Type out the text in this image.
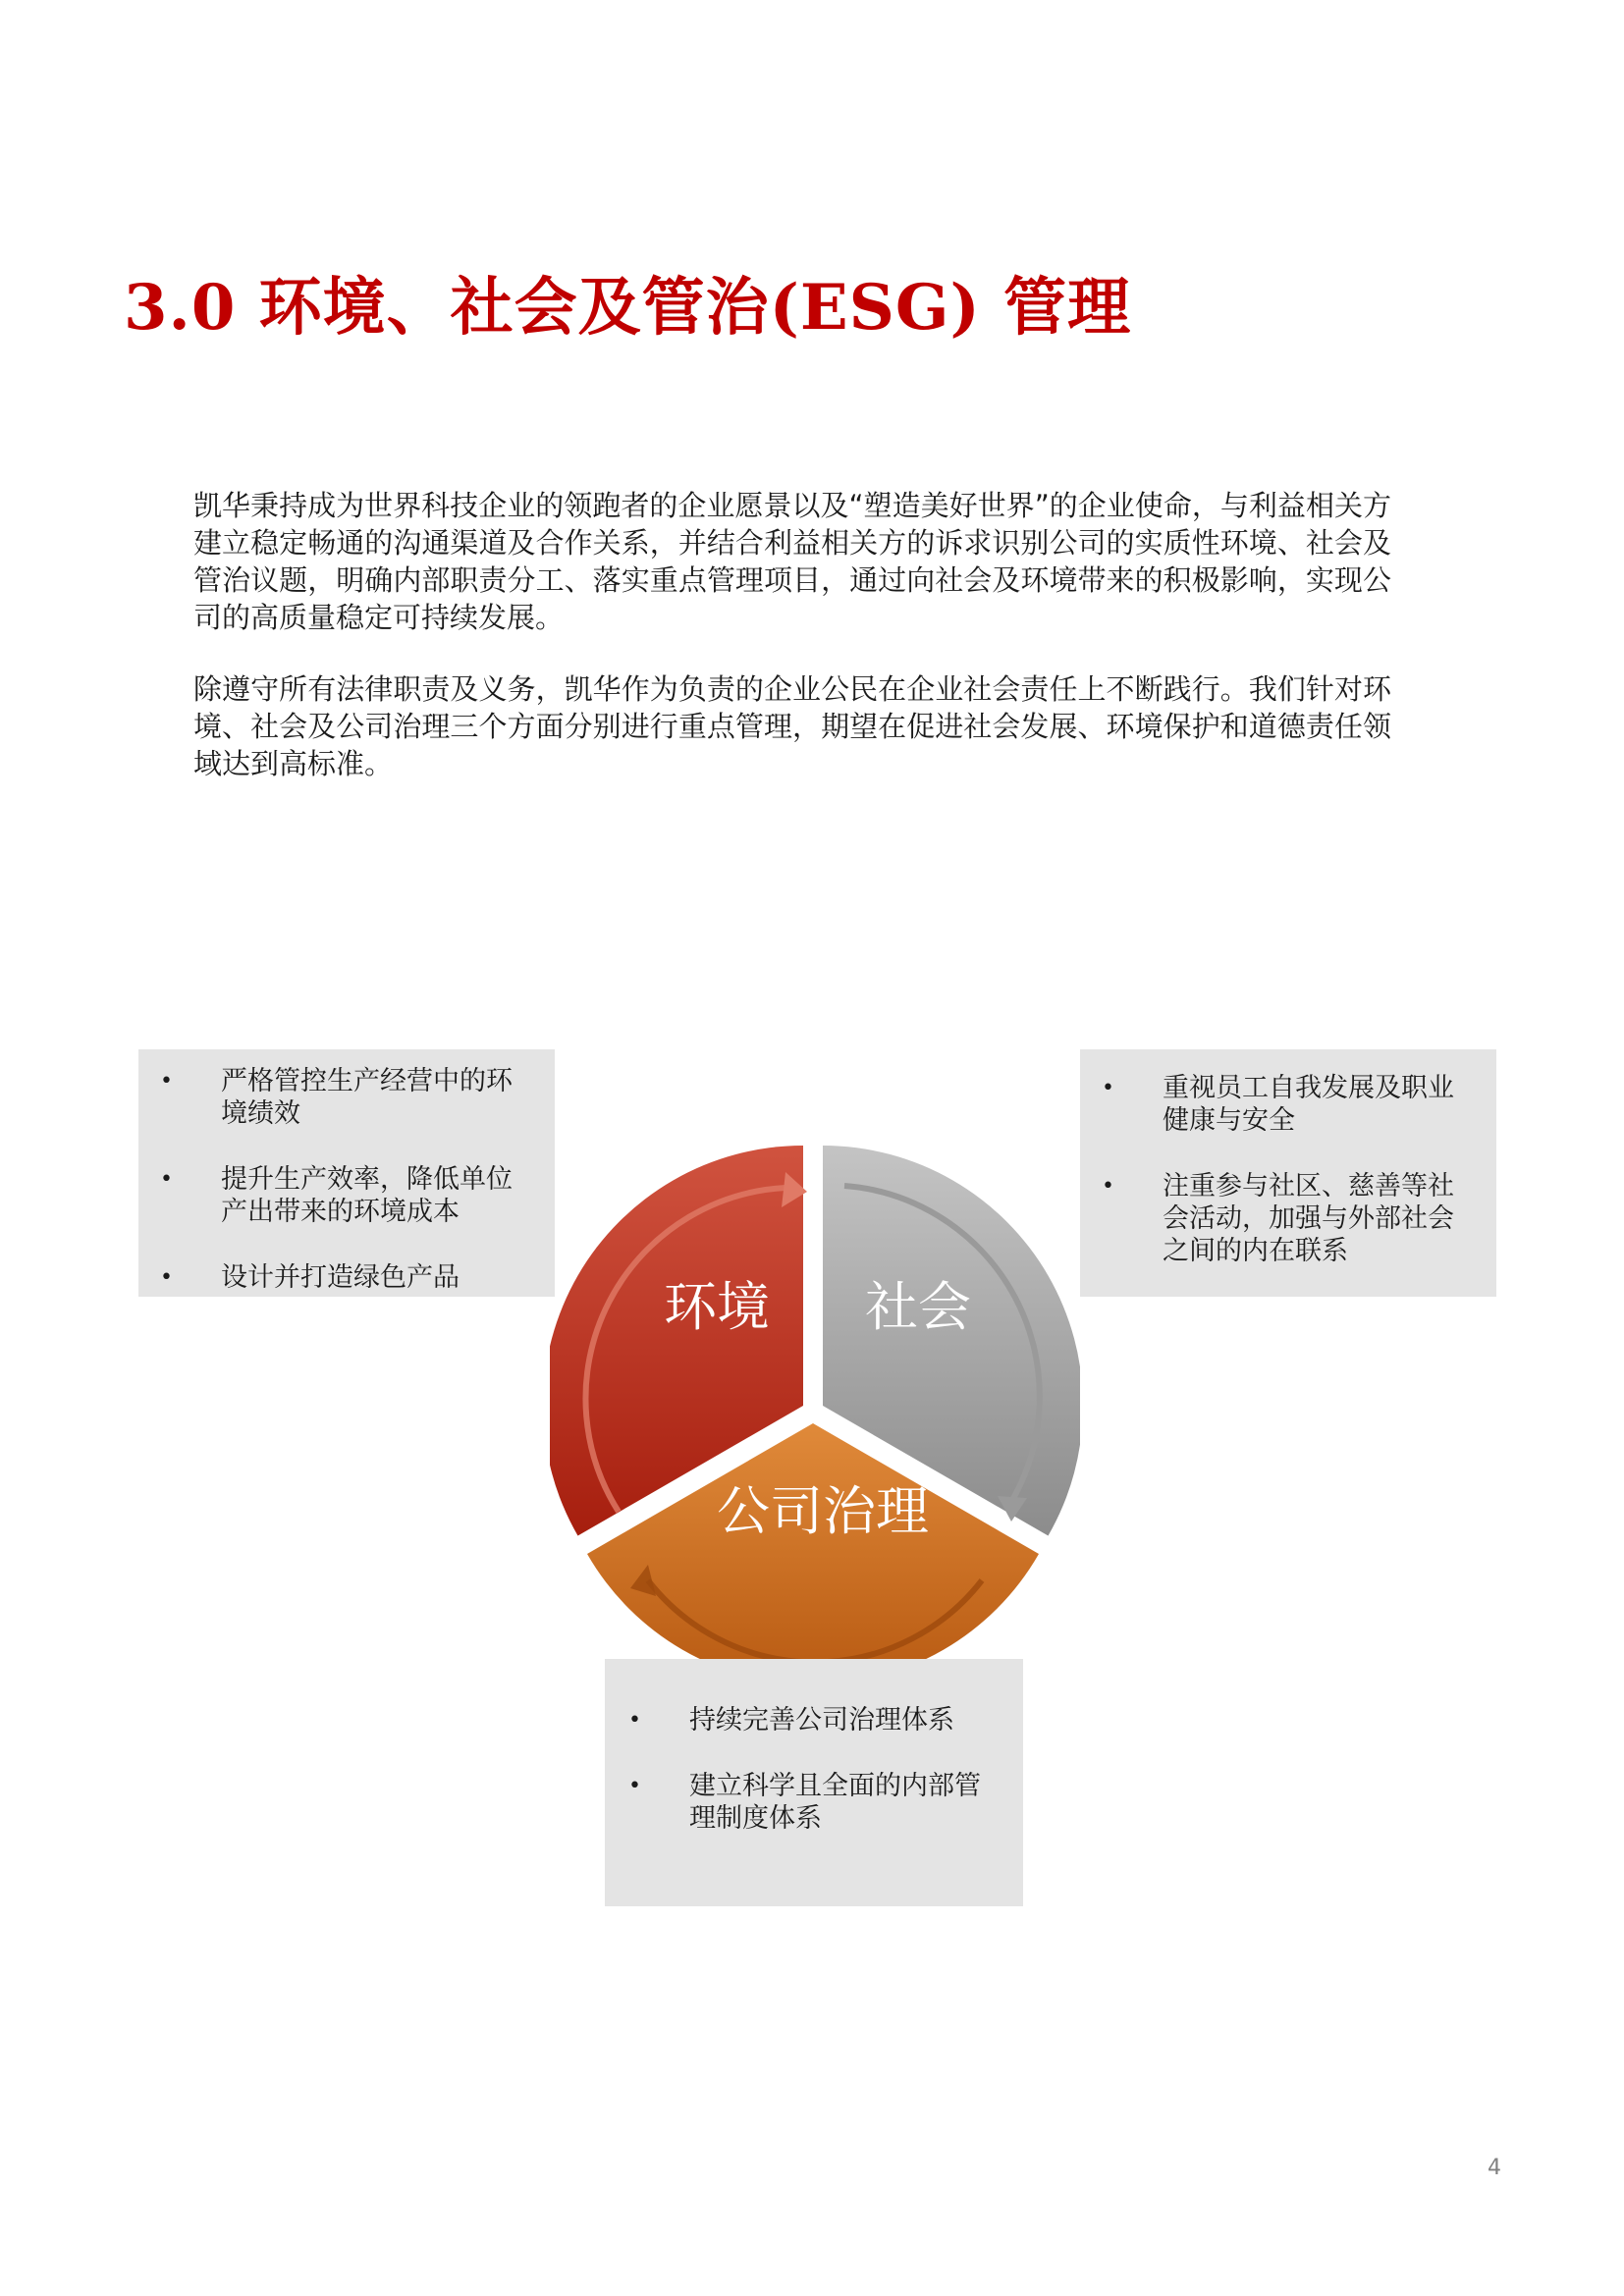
3.0 环境、社会及管治(ESG) 管理

凯华秉持成为世界科技企业的领跑者的企业愿景以及“塑造美好世界”的企业使命，与利益相关方建立稳定畅通的沟通渠道及合作关系，并结合利益相关方的诉求识别公司的实质性环境、社会及管治议题，明确内部职责分工、落实重点管理项目，通过向社会及环境带来的积极影响，实现公司的高质量稳定可持续发展。

除遵守所有法律职责及义务，凯华作为负责的企业公民在企业社会责任上不断践行。我们针对环境、社会及公司治理三个方面分别进行重点管理，期望在促进社会发展、环境保护和道德责任领域达到高标准。

• 严格管控生产经营中的环境绩效
• 提升生产效率，降低单位产出带来的环境成本
• 设计并打造绿色产品
• 重视员工自我发展及职业健康与安全
• 注重参与社区、慈善等社会活动，加强与外部社会之间的内在联系
• 持续完善公司治理体系
• 建立科学且全面的内部管理制度体系
环境 社会
公司治理
4
